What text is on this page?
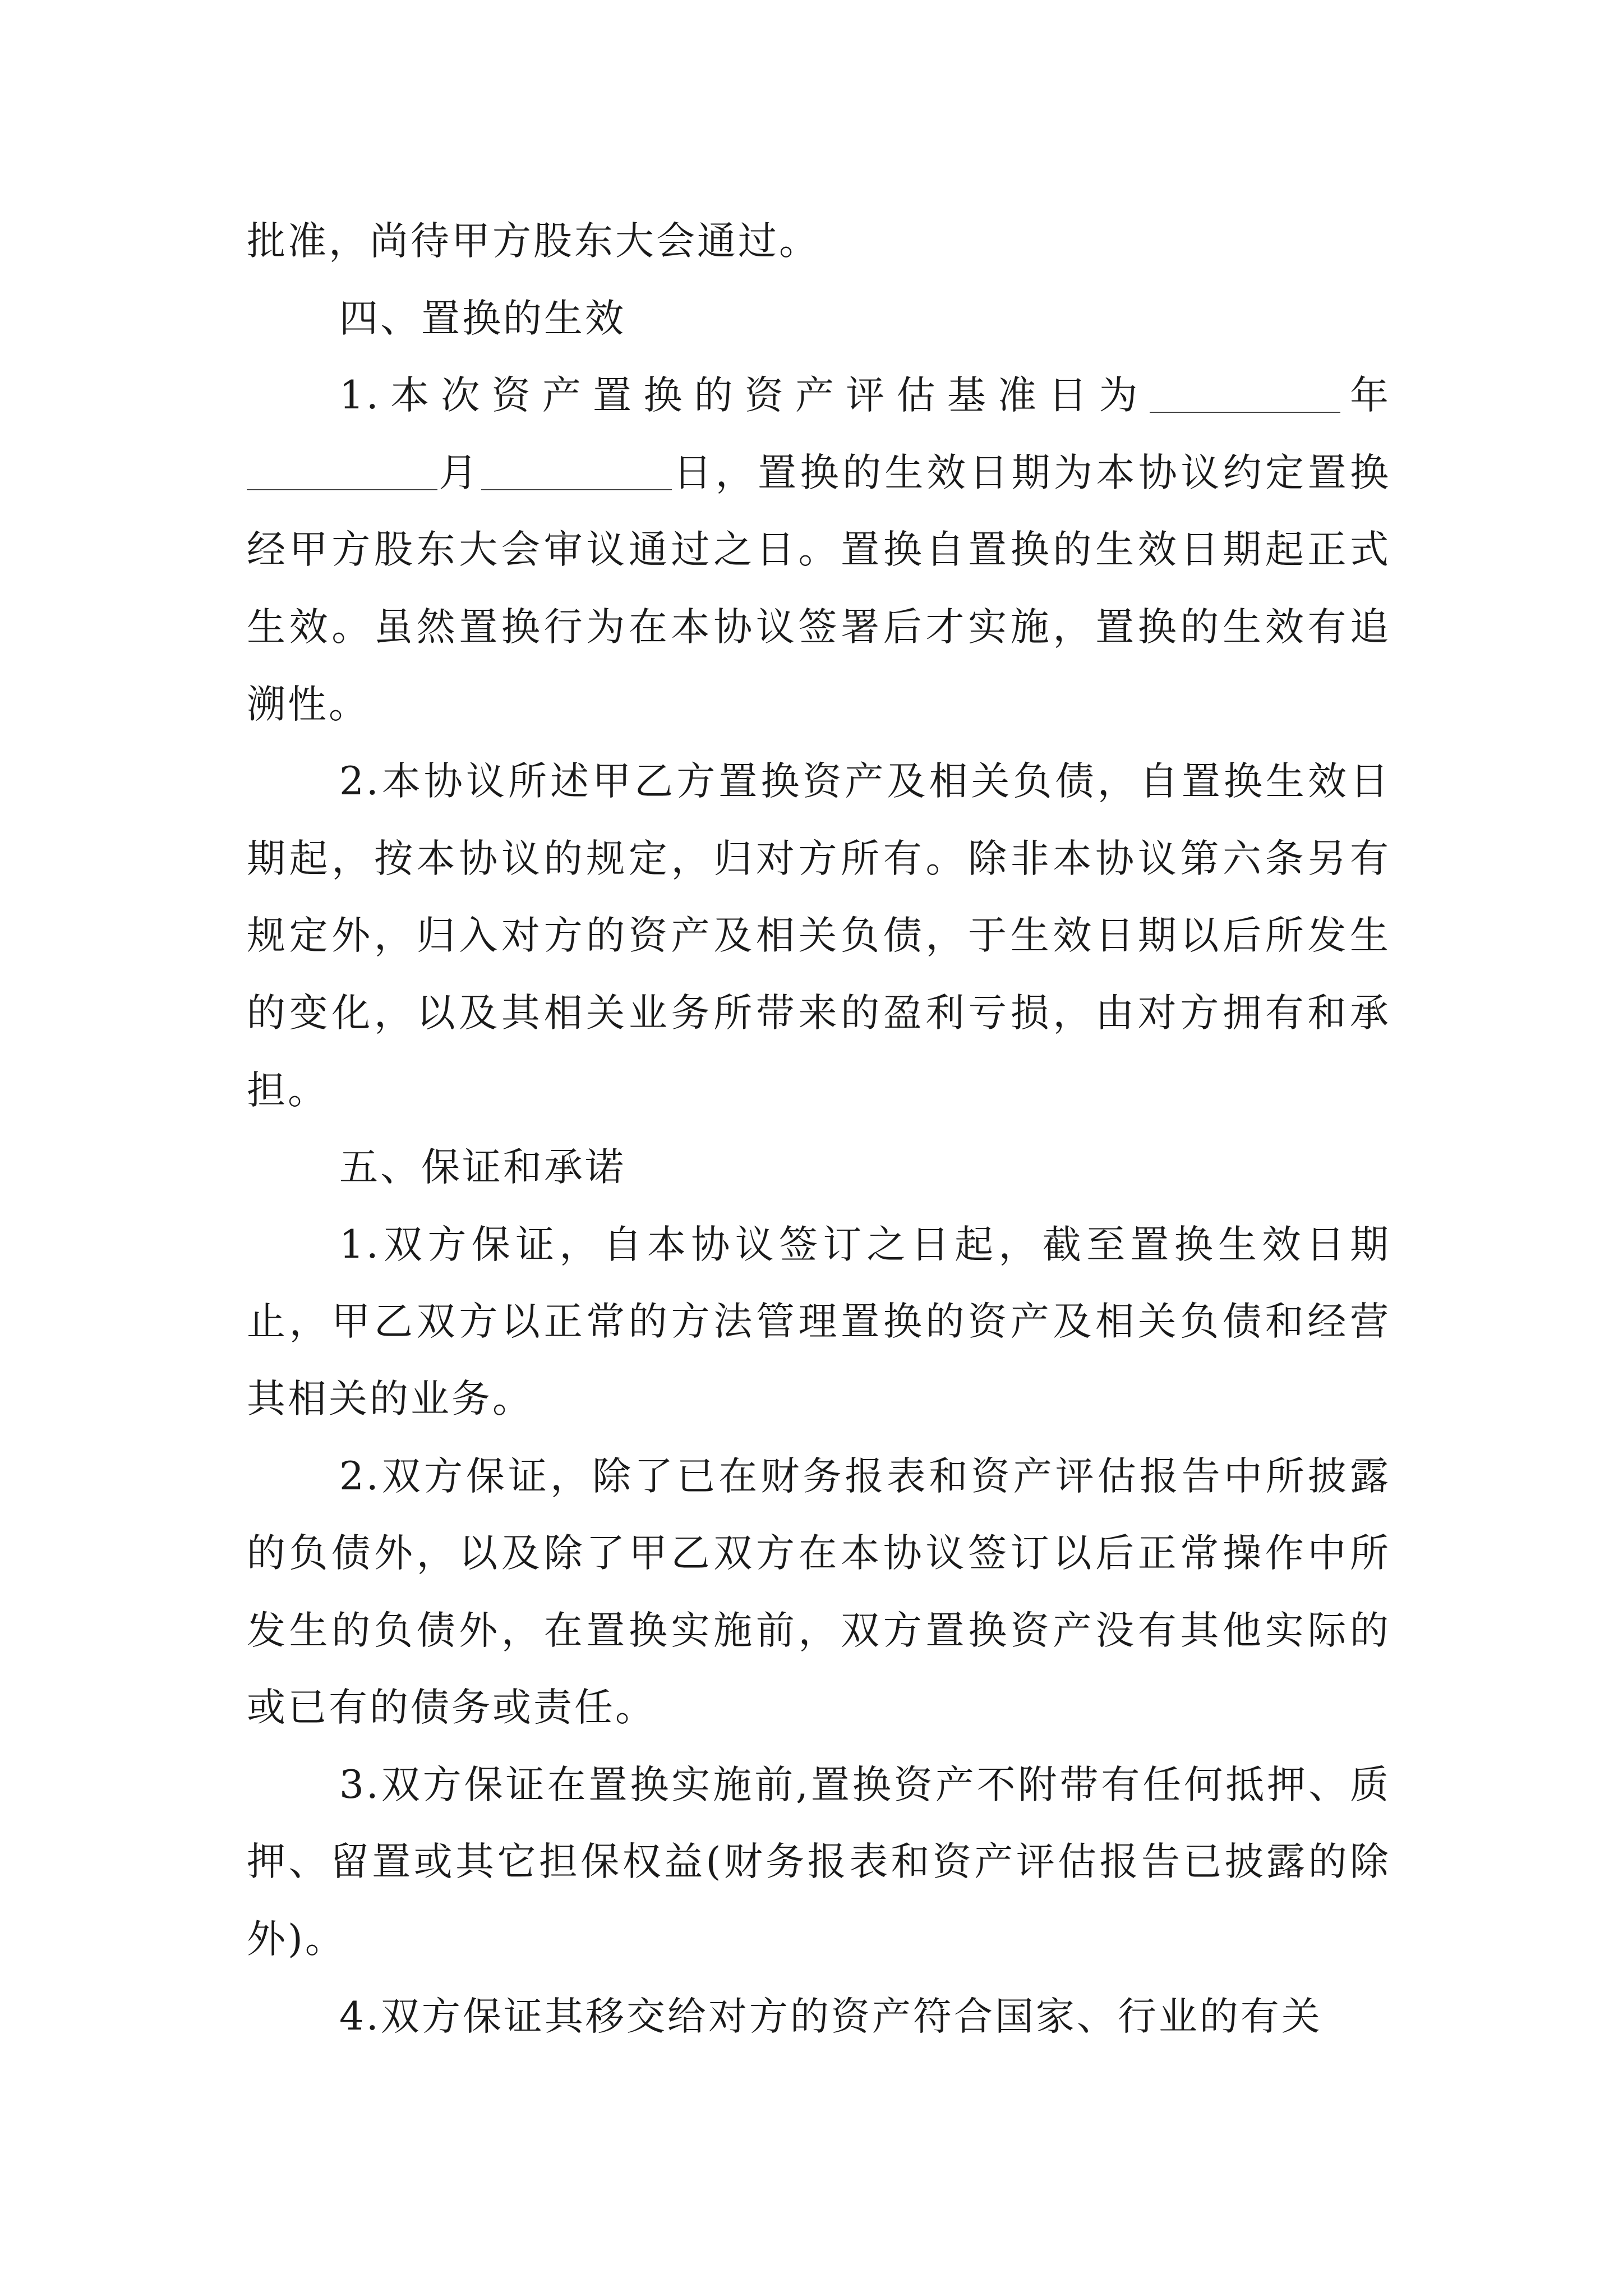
批准，尚待甲方股东大会通过。

四、置换的生效

1.本次资产置换的资产评估基准日为	年月	日，置换的生效日期为本协议约定置换经甲方股东大会审议通过之日。置换自置换的生效日期起正式生效。虽然置换行为在本协议签署后才实施，置换的生效有追溯性。

2.本协议所述甲乙方置换资产及相关负债，自置换生效日期起，按本协议的规定，归对方所有。除非本协议第六条另有规定外，归入对方的资产及相关负债，于生效日期以后所发生的变化，以及其相关业务所带来的盈利亏损，由对方拥有和承担。

五、保证和承诺

1.双方保证，自本协议签订之日起，截至置换生效日期止，甲乙双方以正常的方法管理置换的资产及相关负债和经营其相关的业务。

2.双方保证，除了已在财务报表和资产评估报告中所披露的负债外，以及除了甲乙双方在本协议签订以后正常操作中所发生的负债外，在置换实施前，双方置换资产没有其他实际的或已有的债务或责任。

3.双方保证在置换实施前,置换资产不附带有任何抵押、质押、留置或其它担保权益(财务报表和资产评估报告已披露的除外)。

4.双方保证其移交给对方的资产符合国家、行业的有关
